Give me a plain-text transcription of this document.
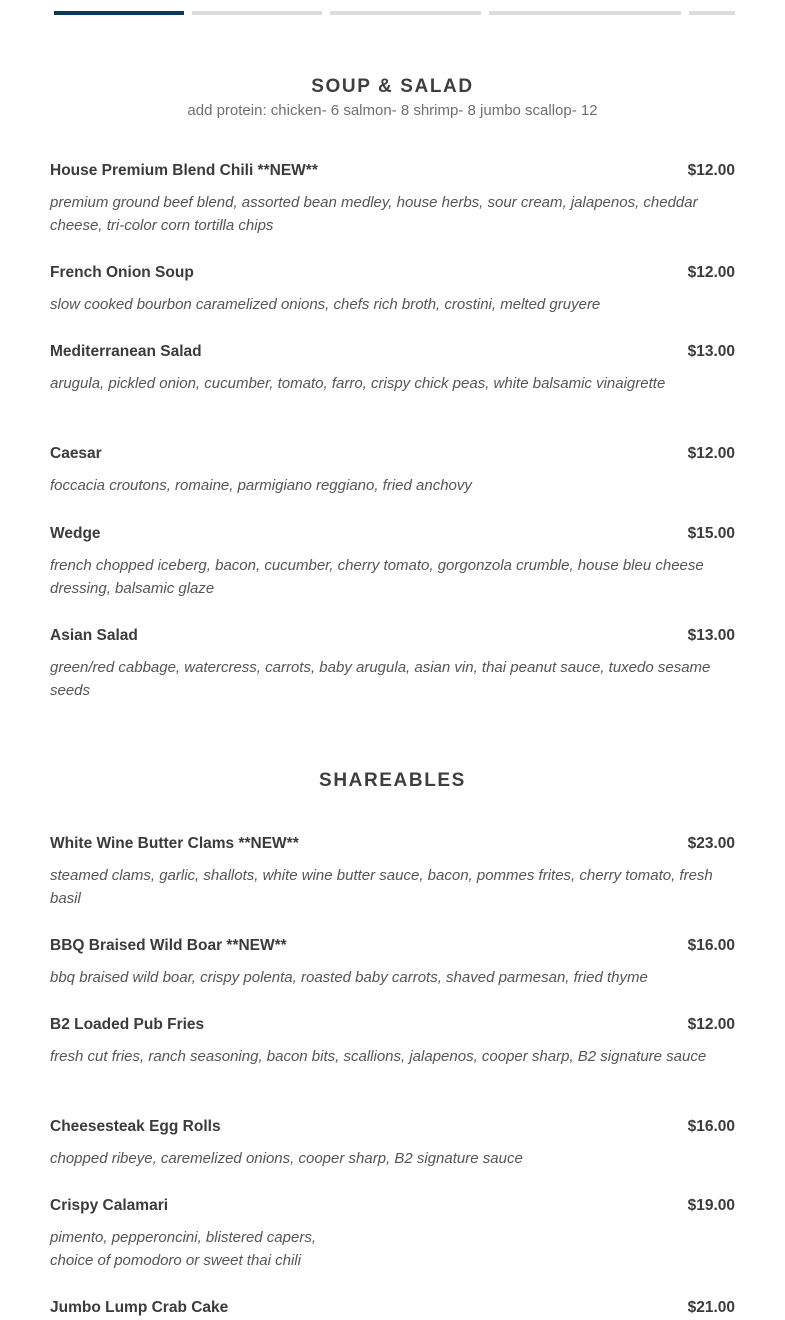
SOUP & SALAD
add protein: chicken- 6 salmon- 8 shrimp- 8 jumbo scallop- 12
House Premium Blend Chili **NEW**	$12.00
premium ground beef blend, assorted bean medley, house herbs, sour cream, jalapenos, cheddar cheese, tri-color corn tortilla chips
French Onion Soup	$12.00
slow cooked bourbon caramelized onions, chefs rich broth, crostini, melted gruyere
Mediterranean Salad	$13.00
arugula, pickled onion, cucumber, tomato, farro, crispy chick peas, white balsamic vinaigrette
Caesar	$12.00
foccacia croutons, romaine, parmigiano reggiano, fried anchovy
Wedge	$15.00
french chopped iceberg, bacon, cucumber, cherry tomato, gorgonzola crumble, house bleu cheese dressing, balsamic glaze
Asian Salad	$13.00
green/red cabbage, watercress, carrots, baby arugula, asian vin, thai peanut sauce, tuxedo sesame seeds
SHAREABLES
White Wine Butter Clams **NEW**	$23.00
steamed clams, garlic, shallots, white wine butter sauce, bacon, pommes frites, cherry tomato, fresh basil
BBQ Braised Wild Boar **NEW**	$16.00
bbq braised wild boar, crispy polenta, roasted baby carrots, shaved parmesan, fried thyme
B2 Loaded Pub Fries	$12.00
fresh cut fries, ranch seasoning, bacon bits, scallions, jalapenos, cooper sharp, B2 signature sauce
Cheesesteak Egg Rolls	$16.00
chopped ribeye, caremelized onions, cooper sharp, B2 signature sauce
Crispy Calamari	$19.00
pimento, pepperoncini, blistered capers,
choice of pomodoro or sweet thai chili
Jumbo Lump Crab Cake	$21.00
